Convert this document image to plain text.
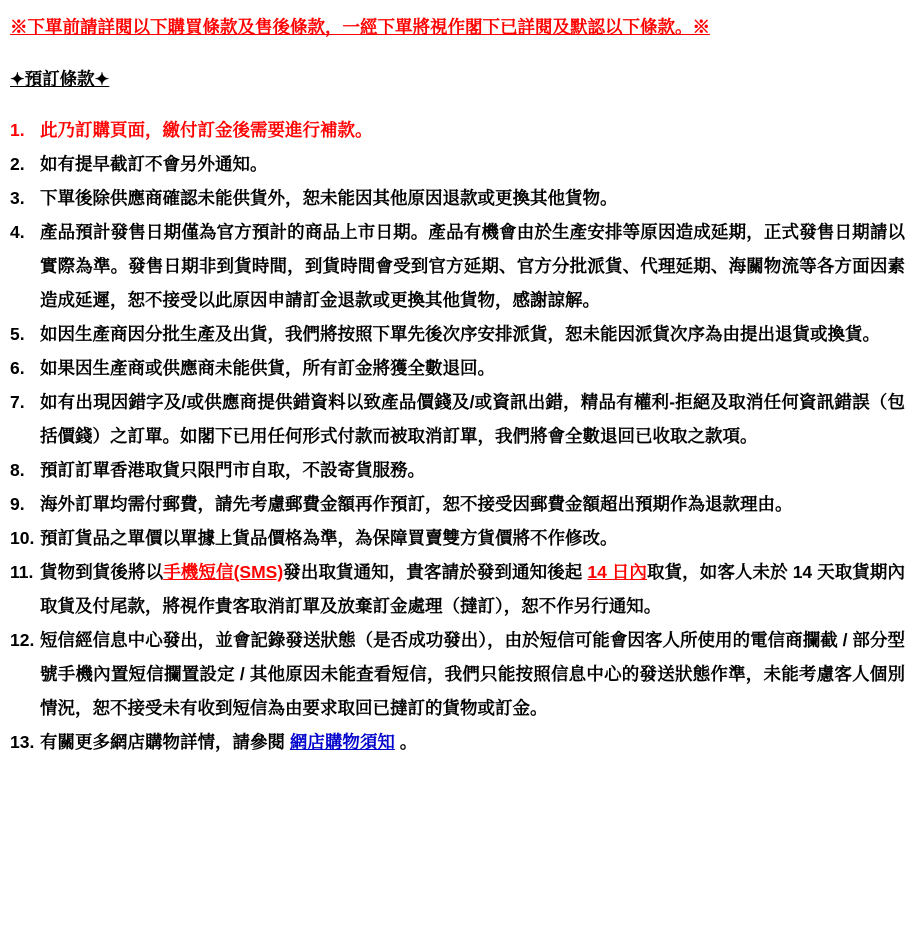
※下單前請詳閱以下購買條款及售後條款，一經下單將視作閣下已詳閱及默認以下條款。※
✦預訂條款✦
1. 此乃訂購頁面，繳付訂金後需要進行補款。
2. 如有提早截訂不會另外通知。
3. 下單後除供應商確認未能供貨外，恕未能因其他原因退款或更換其他貨物。
4. 產品預計發售日期僅為官方預計的商品上市日期。產品有機會由於生產安排等原因造成延期，正式發售日期請以實際為準。發售日期非到貨時間，到貨時間會受到官方延期、官方分批派貨、代理延期、海關物流等各方面因素造成延遲，恕不接受以此原因申請訂金退款或更換其他貨物，感謝諒解。
5. 如因生產商因分批生產及出貨，我們將按照下單先後次序安排派貨，恕未能因派貨次序為由提出退貨或換貨。
6. 如果因生產商或供應商未能供貨，所有訂金將獲全數退回。
7. 如有出現因錯字及/或供應商提供錯資料以致產品價錢及/或資訊出錯，精品有權利-拒絕及取消任何資訊錯誤（包括價錢）之訂單。如閣下已用任何形式付款而被取消訂單，我們將會全數退回已收取之款項。
8. 預訂訂單香港取貨只限門市自取，不設寄貨服務。
9. 海外訂單均需付郵費，請先考慮郵費金額再作預訂，恕不接受因郵費金額超出預期作為退款理由。
10. 預訂貨品之單價以單據上貨品價格為準，為保障買賣雙方貨價將不作修改。
11. 貨物到貨後將以手機短信(SMS)發出取貨通知，貴客請於發到通知後起 14 日內取貨，如客人未於 14 天取貨期內取貨及付尾款，將視作貴客取消訂單及放棄訂金處理（撻訂），恕不作另行通知。
12. 短信經信息中心發出，並會記錄發送狀態（是否成功發出），由於短信可能會因客人所使用的電信商攔截 / 部分型號手機內置短信攔置設定 / 其他原因未能查看短信，我們只能按照信息中心的發送狀態作準，未能考慮客人個別情況，恕不接受未有收到短信為由要求取回已撻訂的貨物或訂金。
13. 有關更多網店購物詳情，請參閱 網店購物須知 。
